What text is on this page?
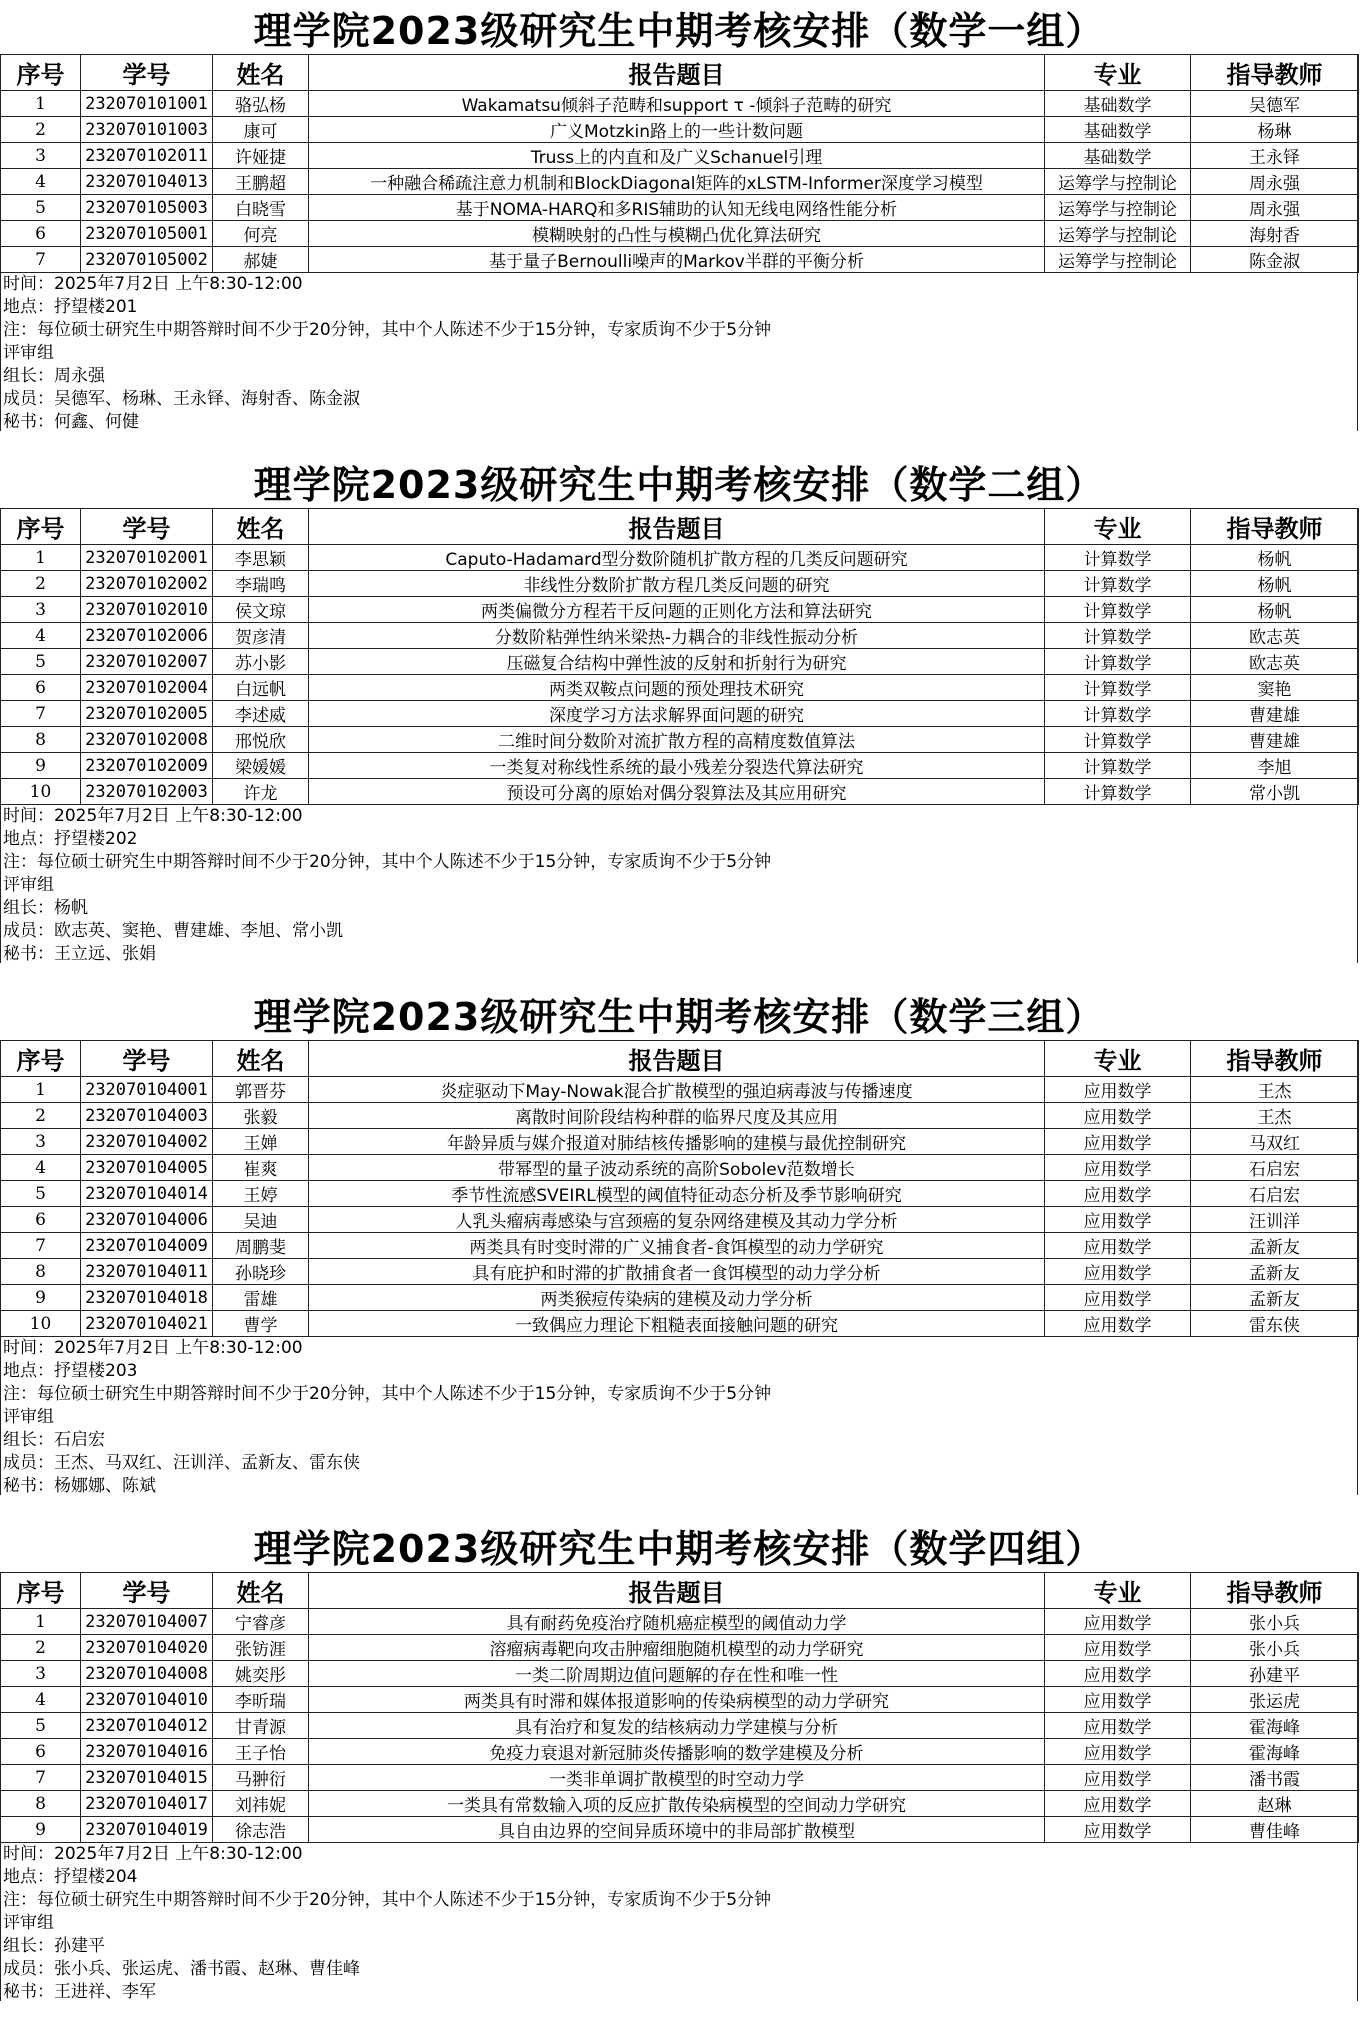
理学院2023级研究生中期考核安排（数学一组）
序号	学号	姓名	报告题目	专业	指导教师
1	232070101001	骆弘杨	Wakamatsu倾斜子范畴和support τ -倾斜子范畴的研究	基础数学	吴德军
2	232070101003	康可	广义Motzkin路上的一些计数问题	基础数学	杨琳
3	232070102011	许娅捷	Truss上的内直和及广义Schanuel引理	基础数学	王永铎
4	232070104013	王鹏超	一种融合稀疏注意力机制和BlockDiagonal矩阵的xLSTM-Informer深度学习模型	运筹学与控制论	周永强
5	232070105003	白晓雪	基于NOMA-HARQ和多RIS辅助的认知无线电网络性能分析	运筹学与控制论	周永强
6	232070105001	何亮	模糊映射的凸性与模糊凸优化算法研究	运筹学与控制论	海射香
7	232070105002	郝婕	基于量子Bernoulli噪声的Markov半群的平衡分析	运筹学与控制论	陈金淑
时间：2025年7月2日 上午8:30-12:00
地点：抒望楼201
注：每位硕士研究生中期答辩时间不少于20分钟，其中个人陈述不少于15分钟，专家质询不少于5分钟
评审组
组长：周永强
成员：吴德军、杨琳、王永铎、海射香、陈金淑
秘书：何鑫、何健
理学院2023级研究生中期考核安排（数学二组）
序号	学号	姓名	报告题目	专业	指导教师
1	232070102001	李思颖	Caputo-Hadamard型分数阶随机扩散方程的几类反问题研究	计算数学	杨帆
2	232070102002	李瑞鸣	非线性分数阶扩散方程几类反问题的研究	计算数学	杨帆
3	232070102010	侯文琼	两类偏微分方程若干反问题的正则化方法和算法研究	计算数学	杨帆
4	232070102006	贺彦清	分数阶粘弹性纳米梁热-力耦合的非线性振动分析	计算数学	欧志英
5	232070102007	苏小影	压磁复合结构中弹性波的反射和折射行为研究	计算数学	欧志英
6	232070102004	白远帆	两类双鞍点问题的预处理技术研究	计算数学	窦艳
7	232070102005	李述威	深度学习方法求解界面问题的研究	计算数学	曹建雄
8	232070102008	邢悦欣	二维时间分数阶对流扩散方程的高精度数值算法	计算数学	曹建雄
9	232070102009	梁媛媛	一类复对称线性系统的最小残差分裂迭代算法研究	计算数学	李旭
10	232070102003	许龙	预设可分离的原始对偶分裂算法及其应用研究	计算数学	常小凯
时间：2025年7月2日 上午8:30-12:00
地点：抒望楼202
注：每位硕士研究生中期答辩时间不少于20分钟，其中个人陈述不少于15分钟，专家质询不少于5分钟
评审组
组长：杨帆
成员：欧志英、窦艳、曹建雄、李旭、常小凯
秘书：王立远、张娟
理学院2023级研究生中期考核安排（数学三组）
序号	学号	姓名	报告题目	专业	指导教师
1	232070104001	郭晋芬	炎症驱动下May-Nowak混合扩散模型的强迫病毒波与传播速度	应用数学	王杰
2	232070104003	张毅	离散时间阶段结构种群的临界尺度及其应用	应用数学	王杰
3	232070104002	王婵	年龄异质与媒介报道对肺结核传播影响的建模与最优控制研究	应用数学	马双红
4	232070104005	崔爽	带幂型的量子波动系统的高阶Sobolev范数增长	应用数学	石启宏
5	232070104014	王婷	季节性流感SVEIRL模型的阈值特征动态分析及季节影响研究	应用数学	石启宏
6	232070104006	吴迪	人乳头瘤病毒感染与宫颈癌的复杂网络建模及其动力学分析	应用数学	汪训洋
7	232070104009	周鹏斐	两类具有时变时滞的广义捕食者-食饵模型的动力学研究	应用数学	孟新友
8	232070104011	孙晓珍	具有庇护和时滞的扩散捕食者一食饵模型的动力学分析	应用数学	孟新友
9	232070104018	雷雄	两类猴痘传染病的建模及动力学分析	应用数学	孟新友
10	232070104021	曹学	一致偶应力理论下粗糙表面接触问题的研究	应用数学	雷东侠
时间：2025年7月2日 上午8:30-12:00
地点：抒望楼203
注：每位硕士研究生中期答辩时间不少于20分钟，其中个人陈述不少于15分钟，专家质询不少于5分钟
评审组
组长：石启宏
成员：王杰、马双红、汪训洋、孟新友、雷东侠
秘书：杨娜娜、陈斌
理学院2023级研究生中期考核安排（数学四组）
序号	学号	姓名	报告题目	专业	指导教师
1	232070104007	宁睿彦	具有耐药免疫治疗随机癌症模型的阈值动力学	应用数学	张小兵
2	232070104020	张钫涯	溶瘤病毒靶向攻击肿瘤细胞随机模型的动力学研究	应用数学	张小兵
3	232070104008	姚奕彤	一类二阶周期边值问题解的存在性和唯一性	应用数学	孙建平
4	232070104010	李昕瑞	两类具有时滞和媒体报道影响的传染病模型的动力学研究	应用数学	张运虎
5	232070104012	甘青源	具有治疗和复发的结核病动力学建模与分析	应用数学	霍海峰
6	232070104016	王子怡	免疫力衰退对新冠肺炎传播影响的数学建模及分析	应用数学	霍海峰
7	232070104015	马翀衍	一类非单调扩散模型的时空动力学	应用数学	潘书霞
8	232070104017	刘祎妮	一类具有常数输入项的反应扩散传染病模型的空间动力学研究	应用数学	赵琳
9	232070104019	徐志浩	具自由边界的空间异质环境中的非局部扩散模型	应用数学	曹佳峰
时间：2025年7月2日 上午8:30-12:00
地点：抒望楼204
注：每位硕士研究生中期答辩时间不少于20分钟，其中个人陈述不少于15分钟，专家质询不少于5分钟
评审组
组长：孙建平
成员：张小兵、张运虎、潘书霞、赵琳、曹佳峰
秘书：王进祥、李军
